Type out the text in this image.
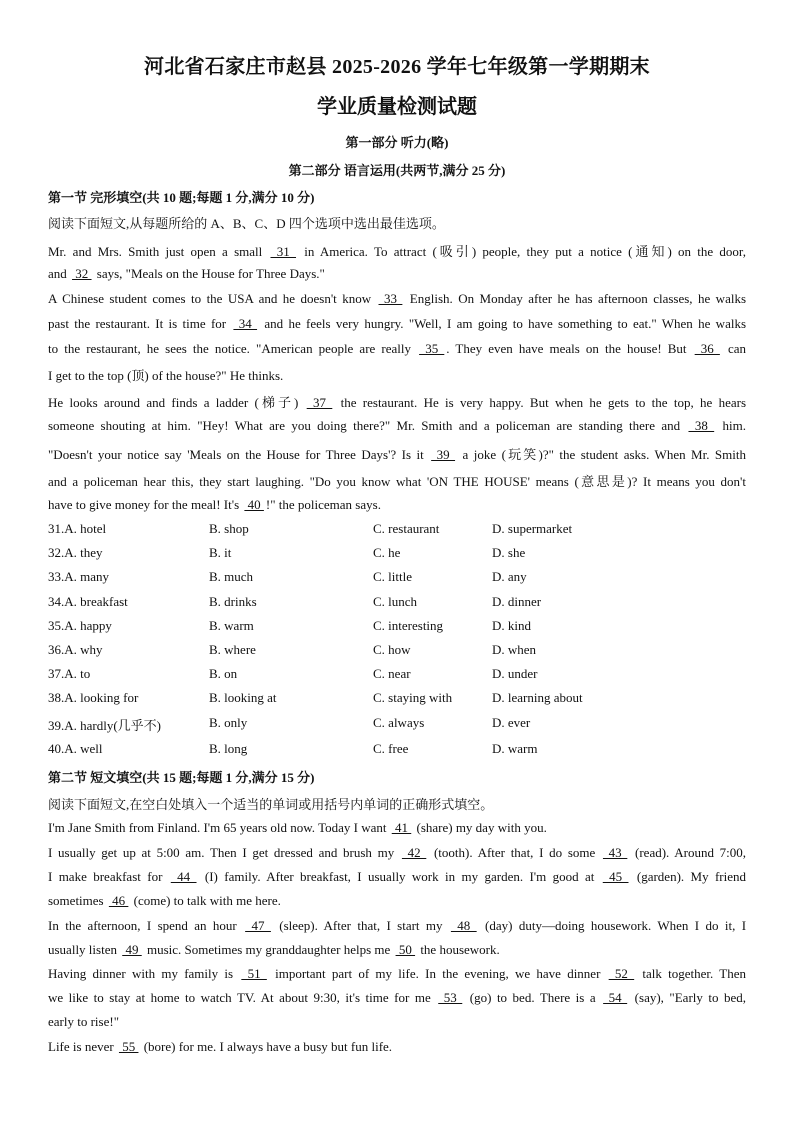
河北省石家庄市赵县 2025-2026 学年七年级第一学期期末
学业质量检测试题
第一部分 听力(略)
第二部分 语言运用(共两节,满分 25 分)
第一节 完形填空(共 10 题;每题 1 分,满分 10 分)
阅读下面短文,从每题所给的 A、B、C、D 四个选项中选出最佳选项。
Mr. and Mrs. Smith just open a small  31  in America. To attract (吸引) people, they put a notice (通知) on the door,
and  32  says, "Meals on the House for Three Days."
A Chinese student comes to the USA and he doesn't know  33  English. On Monday after he has afternoon classes, he walks
past the restaurant. It is time for  34  and he feels very hungry. "Well, I am going to have something to eat." When he walks
to the restaurant, he sees the notice. "American people are really  35 . They even have meals on the house! But  36  can
I get to the top (顶) of the house?" He thinks.
He looks around and finds a ladder (梯子)  37  the restaurant. He is very happy. But when he gets to the top, he hears
someone shouting at him. "Hey! What are you doing there?" Mr. Smith and a policeman are standing there and  38  him.
"Doesn't your notice say 'Meals on the House for Three Days'? Is it  39  a joke (玩笑)?" the student asks. When Mr. Smith
and a policeman hear this, they start laughing. "Do you know what 'ON THE HOUSE' means (意思是)? It means you don't
have to give money for the meal! It's  40 !" the policeman says.
31.A. hotel	B. shop	C. restaurant	D. supermarket
32.A. they	B. it	C. he	D. she
33.A. many	B. much	C. little	D. any
34.A. breakfast	B. drinks	C. lunch	D. dinner
35.A. happy	B. warm	C. interesting	D. kind
36.A. why	B. where	C. how	D. when
37.A. to	B. on	C. near	D. under
38.A. looking for	B. looking at	C. staying with	D. learning about
39.A. hardly(几乎不)	B. only	C. always	D. ever
40.A. well	B. long	C. free	D. warm
第二节 短文填空(共 15 题;每题 1 分,满分 15 分)
阅读下面短文,在空白处填入一个适当的单词或用括号内单词的正确形式填空。
I'm Jane Smith from Finland. I'm 65 years old now. Today I want  41  (share) my day with you.
I usually get up at 5:00 am. Then I get dressed and brush my  42  (tooth). After that, I do some  43  (read). Around 7:00,
I make breakfast for  44  (I) family. After breakfast, I usually work in my garden. I'm good at  45  (garden). My friend
sometimes  46  (come) to talk with me here.
In the afternoon, I spend an hour  47  (sleep). After that, I start my  48  (day) duty—doing housework. When I do it, I
usually listen  49  music. Sometimes my granddaughter helps me  50  the housework.
Having dinner with my family is  51  important part of my life. In the evening, we have dinner  52  talk together. Then
we like to stay at home to watch TV. At about 9:30, it's time for me  53  (go) to bed. There is a  54  (say), "Early to bed,
early to rise!"
Life is never  55  (bore) for me. I always have a busy but fun life.
